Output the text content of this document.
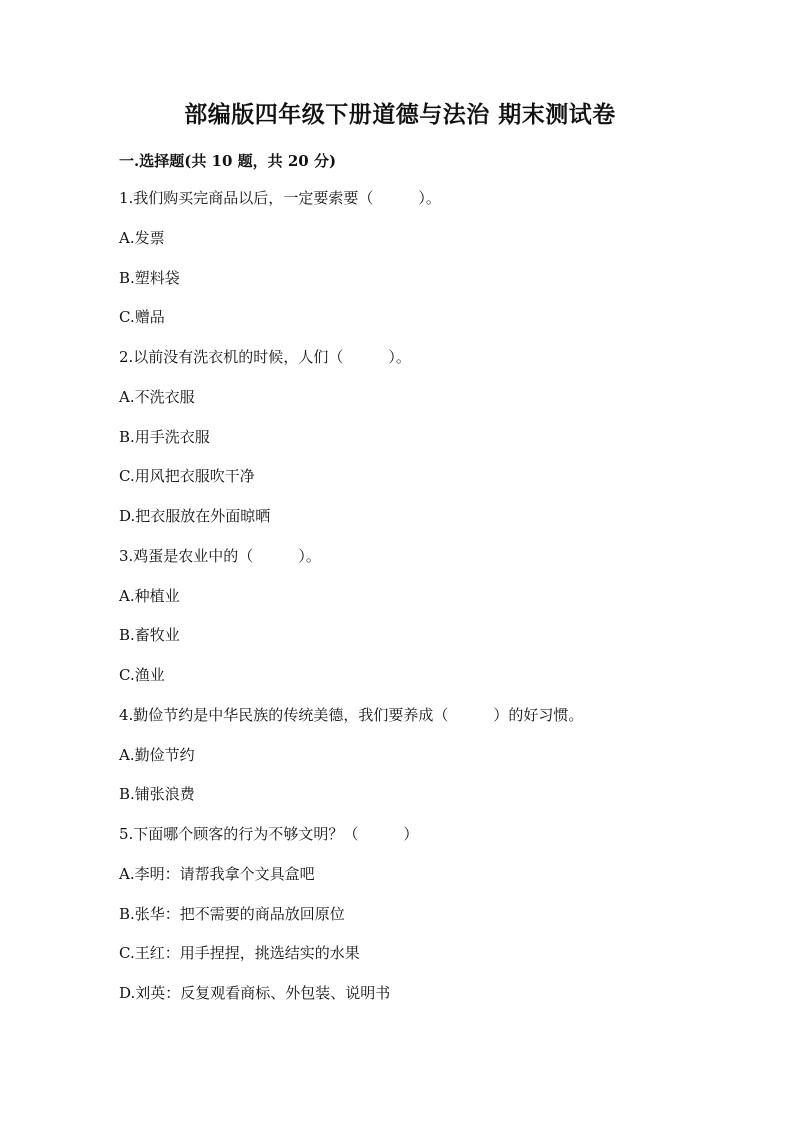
部编版四年级下册道德与法治 期末测试卷
一.选择题(共 10 题，共 20 分)
1.我们购买完商品以后，一定要索要（　　　）。
A.发票
B.塑料袋
C.赠品
2.以前没有洗衣机的时候，人们（　　　）。
A.不洗衣服
B.用手洗衣服
C.用风把衣服吹干净
D.把衣服放在外面晾晒
3.鸡蛋是农业中的（　　　）。
A.种植业
B.畜牧业
C.渔业
4.勤俭节约是中华民族的传统美德，我们要养成（　　　）的好习惯。
A.勤俭节约
B.铺张浪费
5.下面哪个顾客的行为不够文明？（　　　）
A.李明：请帮我拿个文具盒吧
B.张华：把不需要的商品放回原位
C.王红：用手捏捏，挑选结实的水果
D.刘英：反复观看商标、外包装、说明书
